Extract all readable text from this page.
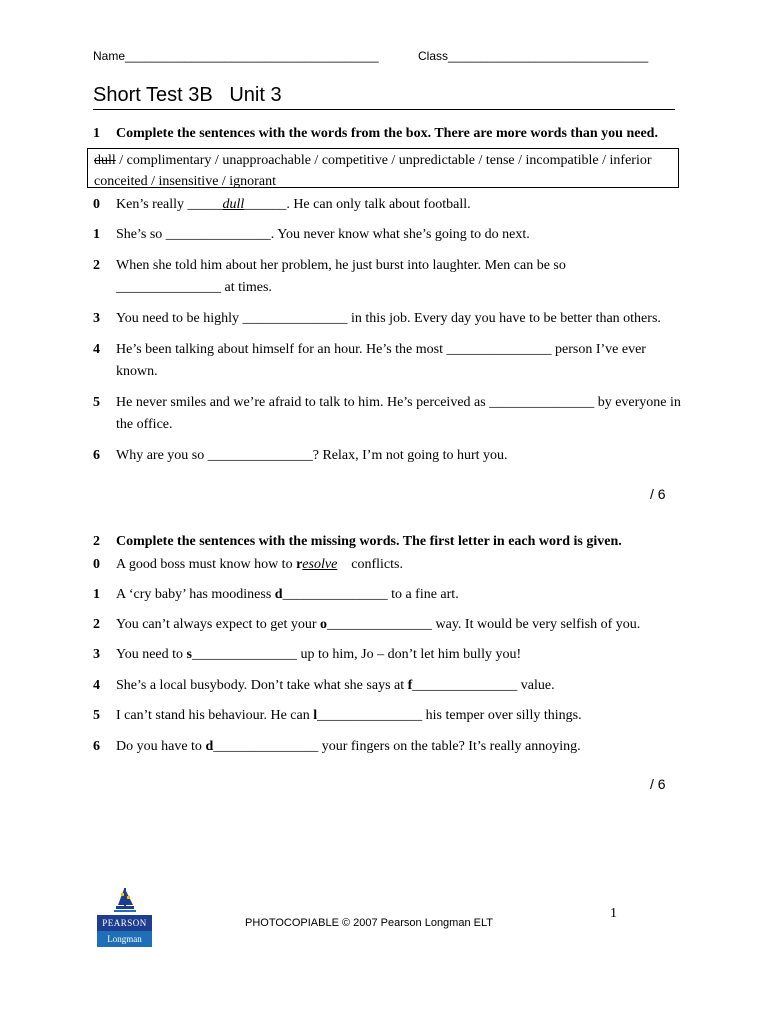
Name______________________________________	Class______________________________
Short Test 3B   Unit 3
1 Complete the sentences with the words from the box. There are more words than you need.
dull / complimentary / unapproachable / competitive / unpredictable / tense / incompatible / inferior conceited / insensitive / ignorant
0 Ken’s really _____dull______. He can only talk about football.
1 She’s so _______________. You never know what she’s going to do next.
2 When she told him about her problem, he just burst into laughter. Men can be so _______________ at times.
3 You need to be highly _______________ in this job. Every day you have to be better than others.
4 He’s been talking about himself for an hour. He’s the most _______________ person I’ve ever known.
5 He never smiles and we’re afraid to talk to him. He’s perceived as _______________ by everyone in the office.
6 Why are you so _______________? Relax, I’m not going to hurt you.
/ 6
2 Complete the sentences with the missing words. The first letter in each word is given.
0 A good boss must know how to resolve    conflicts.
1 A ‘cry baby’ has moodiness d_______________ to a fine art.
2 You can’t always expect to get your o_______________ way. It would be very selfish of you.
3 You need to s_______________ up to him, Jo – don’t let him bully you!
4 She’s a local busybody. Don’t take what she says at f_______________ value.
5 I can’t stand his behaviour. He can l_______________ his temper over silly things.
6 Do you have to d_______________ your fingers on the table? It’s really annoying.
/ 6
PEARSON
Longman
1
PHOTOCOPIABLE © 2007 Pearson Longman ELT
